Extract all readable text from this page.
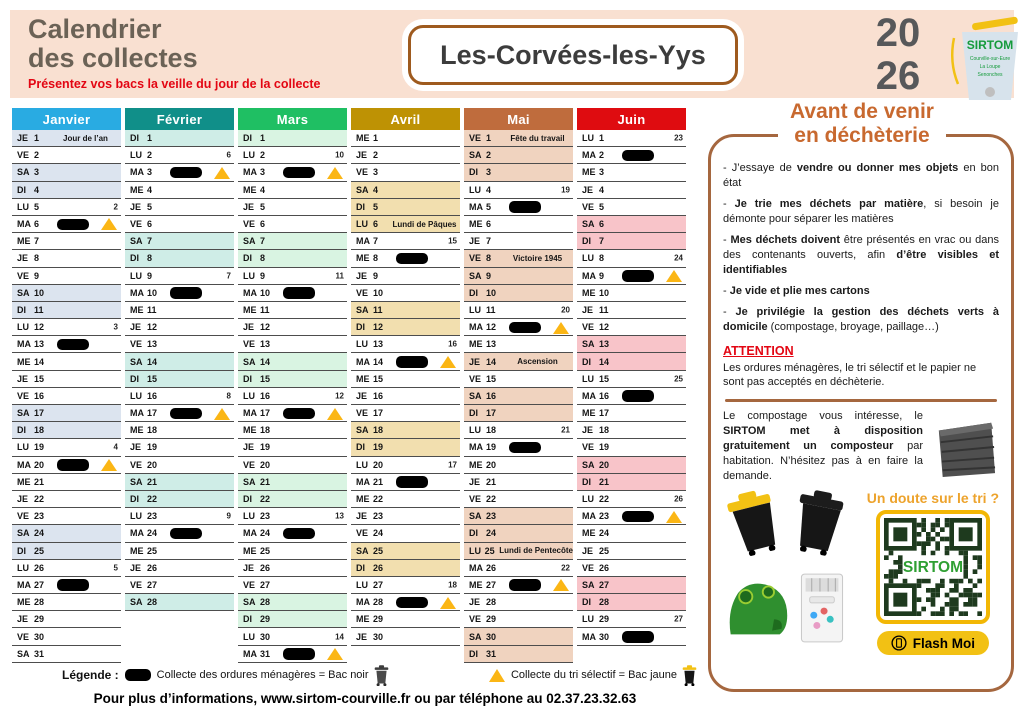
Calendrier
des collectes
Présentez vos bacs la veille du jour de la collecte
Les-Corvées-les-Yys	20
26
SIRTOM
Courville-sur-Eure
La Loupe
Senonches
Janvier
JE 1	Jour de l’an
VE 2
SA 3
DI 4
LU 5	2
MA 6
ME 7
JE 8
VE 9
SA 10
DI 11
LU 12	3
MA 13
ME 14
JE 15
VE 16
SA 17
DI 18
LU 19	4
MA 20
ME 21
JE 22
VE 23
SA 24
DI 25
LU 26	5
MA 27
ME 28
JE 29
VE 30
SA 31
Février
DI 1
LU 2	6
MA 3
ME 4
JE 5
VE 6
SA 7
DI 8
LU 9	7
MA 10
ME 11
JE 12
VE 13
SA 14
DI 15
LU 16	8
MA 17
ME 18
JE 19
VE 20
SA 21
DI 22
LU 23	9
MA 24
ME 25
JE 26
VE 27
SA 28
Mars
DI 1
LU 2	10
MA 3
ME 4
JE 5
VE 6
SA 7
DI 8
LU 9	11
MA 10
ME 11
JE 12
VE 13
SA 14
DI 15
LU 16	12
MA 17
ME 18
JE 19
VE 20
SA 21
DI 22
LU 23	13
MA 24
ME 25
JE 26
VE 27
SA 28
DI 29
LU 30	14
MA 31
Avril
ME 1
JE 2
VE 3
SA 4
DI 5
LU 6	Lundi de Pâques
MA 7	15
ME 8
JE 9
VE 10
SA 11
DI 12
LU 13	16
MA 14
ME 15
JE 16
VE 17
SA 18
DI 19
LU 20	17
MA 21
ME 22
JE 23
VE 24
SA 25
DI 26
LU 27	18
MA 28
ME 29
JE 30
Mai
VE 1	Fête du travail
SA 2
DI 3
LU 4	19
MA 5
ME 6
JE 7
VE 8	Victoire 1945
SA 9
DI 10
LU 11	20
MA 12
ME 13
JE 14	Ascension
VE 15
SA 16
DI 17
LU 18	21
MA 19
ME 20
JE 21
VE 22
SA 23
DI 24
LU 25 Lundi de Pentecôte
MA 26	22
ME 27
JE 28
VE 29
SA 30
DI 31
Juin
LU 1	23
MA 2
ME 3
JE 4
VE 5
SA 6
DI 7
LU 8	24
MA 9
ME 10
JE 11
VE 12
SA 13
DI 14
LU 15	25
MA 16
ME 17
JE 18
VE 19
SA 20
DI 21
LU 22	26
MA 23
ME 24
JE 25
VE 26
SA 27
DI 28
LU 29	27
MA 30
Légende :	Collecte des ordures ménagères = Bac noir	Collecte du tri sélectif = Bac jaune
Pour plus d’informations, www.sirtom-courville.fr ou par téléphone au 02.37.23.32.63
Avant de venir
en déchèterie

- J’essaye de vendre ou donner mes objets en bon état

- Je trie mes déchets par matière, si besoin je démonte pour séparer les matières

- Mes déchets doivent être présentés en vrac ou dans des contenants ouverts, afin d’être visibles et identifiables

- Je vide et plie mes cartons

- Je privilégie la gestion des déchets verts à domicile (compostage, broyage, paillage…)

ATTENTION
Les ordures ménagères, le tri sélectif et le papier ne sont pas acceptés en déchèterie.
Le compostage vous intéresse, le SIRTOM met à disposition gratuitement un composteur par habitation. N’hésitez pas à en faire la demande.
Un doute sur le tri ?
SIRTOM
Flash Moi
